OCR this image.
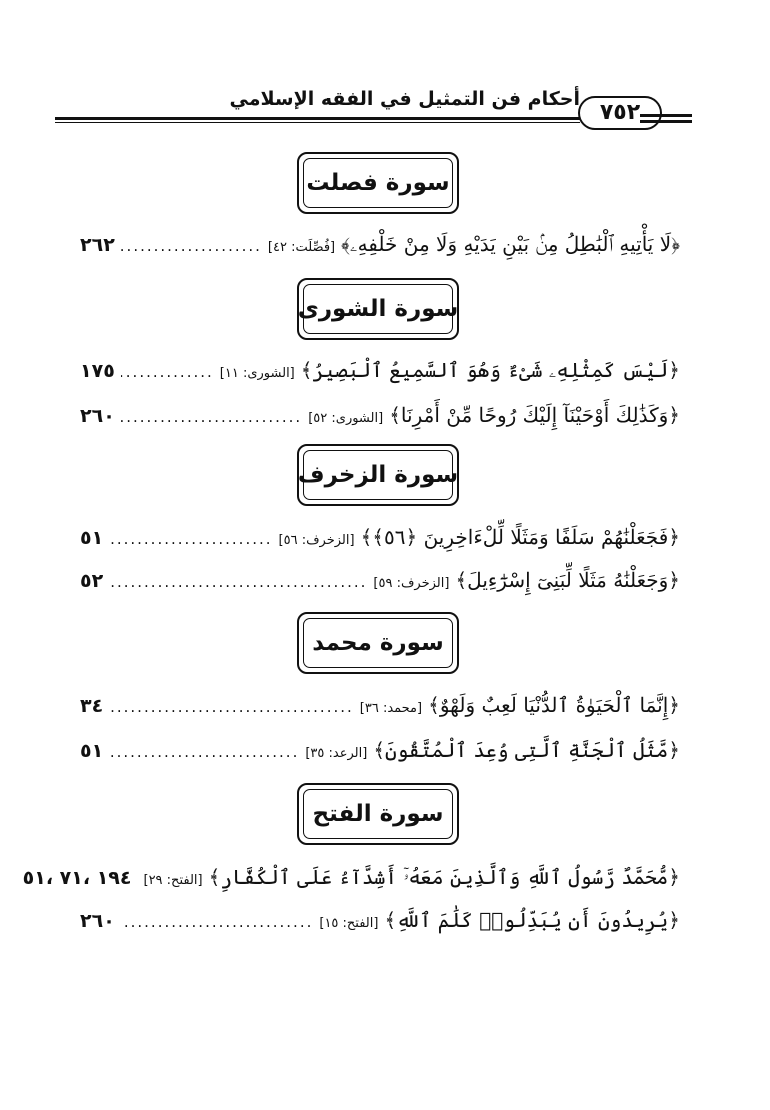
أحكام فن التمثيل في الفقه الإسلامي
٧٥٢
سورة فصلت
﴿لَا يَأْتِيهِ ٱلْبَٰطِلُ مِنۢ بَيْنِ يَدَيْهِ وَلَا مِنْ خَلْفِهِۦ﴾
[فُصِّلَت: ٤٢]
.....
٢٦٢
سورة الشورى
﴿لَيْسَ كَمِثْلِهِۦ شَىْءٌ وَهُوَ ٱلسَّمِيعُ ٱلْبَصِيرُ﴾
[الشورى: ١١]
.....
١٧٥
﴿وَكَذَٰلِكَ أَوْحَيْنَآ إِلَيْكَ رُوحًا مِّنْ أَمْرِنَا﴾
[الشورى: ٥٢]
.....
٢٦٠
سورة الزخرف
﴿فَجَعَلْنَٰهُمْ سَلَفًا وَمَثَلًا لِّلْءَاخِرِينَ ﴿٥٦﴾﴾
[الزخرف: ٥٦]
.....
٥١
﴿وَجَعَلْنَٰهُ مَثَلًا لِّبَنِىٓ إِسْرَٰٓءِيلَ﴾
[الزخرف: ٥٩]
.....
٥٢
سورة محمد
﴿إِنَّمَا ٱلْحَيَوٰةُ ٱلدُّنْيَا لَعِبٌ وَلَهْوٌ﴾
[محمد: ٣٦]
.....
٣٤
﴿مَّثَلُ ٱلْجَنَّةِ ٱلَّتِى وُعِدَ ٱلْمُتَّقُونَ﴾
[الرعد: ٣٥]
.....
٥١
سورة الفتح
﴿مُّحَمَّدٌ رَّسُولُ ٱللَّهِ وَٱلَّذِينَ مَعَهُۥٓ أَشِدَّآءُ عَلَى ٱلْكُفَّارِ﴾
[الفتح: ٢٩]
١٩٤ ،٧١ ،٥١
﴿يُرِيدُونَ أَن يُبَدِّلُوا۟ كَلَٰمَ ٱللَّهِ﴾
[الفتح: ١٥]
.....
٢٦٠
